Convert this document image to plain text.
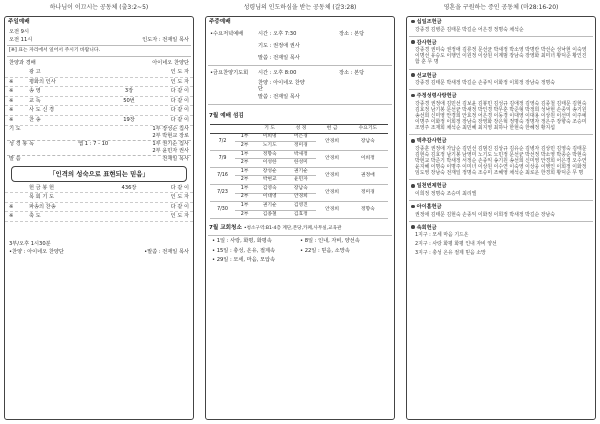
하나님이 이끄시는 공동체 (출3:2~5)
주일예배
오전 9시
오전 11시	인도자 : 전재일 목사
[※] 표는 자리에서 일어서 주시기 바랍니다.
찬양과 경배	아이네오 찬양단
광 고	인 도 자
※	평화의 인사	인 도 자
※	송 영	3장	다 같 이
※	교 독	50번	다 같 이
※	사 도 신 경	다 같 이
※	찬 송	19장	다 같 이
기 도	1부 장성순 집사
2부 박현교 장로
성 경 봉 독	엡 1 : 7 - 10	1부 권기순 집사
2부 윤민자 권사
말 씀	전재일 목사
「인격의 성숙으로 표현되는 믿음」
헌 금 봉 헌	436장	다 같 이
목 회 기 도	인 도 자
※	파송의 찬송	다 같 이
※	축 도	인 도 자
3부/오후 1시30분
•찬양 : 아이네오 찬양단	•말씀 : 전재일 목사
성령님의 인도하심을 받는 공동체 (갈3:28)
주중예배
•수요저녁예배	시간 : 오후 7:30	장소 : 본당
기도 : 권정애 권사
말씀 : 전재일 목사
•금요찬양기도회	시간 : 오후 8:00	장소 : 본당
찬양 : 아이네오 찬양단
말씀 : 전재일 목사
7월 예배 섬김
		기 도	성 경	헌 금	수요기도
7/2	1부	이희명	어은경	안경희	장남숙
	2부	노기도	정미경		
7/9	1부	정향숙	박새정	안경희	이희정
	2부	이성한	한성미		
7/16	1부	장성순	권기순	안경희	권정애
	2부	박현교	윤민자		
7/23	1부	김영숙	장남숙	안경희	정미경
	2부	이대영	안경희		
7/30	1부	권기순	김영진	안경희	정향숙
	2부	김종철	김효정		
7월 교회청소 •청소구역:B1-4층 계단,본당,카페,사무실,교육관
• 1일 : 사랑, 화평, 화평속	• 8일 : 인내, 자비, 양선속
• 15일 : 충성, 온유, 절제속	• 22일 : 믿음, 소망속
• 29일 : 모세, 마음, 모압속
영혼을 구원하는 증인 공동체 (마28:16-20)
십일조헌금
강종경 김병준 김태문 박길순 어은경 정명숙 채석순
감사헌금
강종경 권미숙 권정애 김류정 문선균 박새정 박소영 박명란 박선순 성낙현 이숙영 이명선 유승도 이행인 이원정 이상원 이계범 장남숙 장영화 최미녀 황덕준 황인진 함 훈 무 명
선교헌금
강종경 김태문 박새정 박길순 손종익 이화정 이희정 장남숙 정명숙
주정성령사랑헌금
강종경 권정애 김민선 김보윤 김봉민 김성규 김애정 김영숙 김종철 김태문 김현숙 김효정 남기봉 문선균 박새정 박인경 박무훈 박준형 박정희 성낙현 손종익 송기원 송선희 신미영 안경희 안효정 어은경 이동경 이대영 이대용 이상원 이선미 이주예 이명주 이화정 이희정 장남숙 장영화 장은혁 정명숙 정명자 정은주 장향숙 조승미 조영주 조재희 채석순 최민혜 최지영 최하나 한현숙 한혜정 황지섭
맥추감사헌금
강종훈 권정애 가납순 김민선 김범진 김상규 김유순 김병자 김상민 김영숙 김태문 김현숙 김효정 남기봉 남영미 노기도 노민정 문선균 박선정 박소영 박종순 박현숙 박현교 박준기 박새정 서정순 손종익 송기원 송선희 신미영 안경희 어은경 오수연 윤지혜 이명숙 이명주 이미녀 이상원 이수연 이숙영 이상웅 이행인 이희정 이화정 임도영 장남숙 전재일 정명숙 조승미 조혜영 채석순 최로운 한경희 황덕준 무 명
일천번제헌금
이희정 정명숙 조승미 최리엘
아이홈헌금
권정애 김태문 김현숙 손종익 이화정 이희정 박새정 박길순 장남숙
속회헌금
1지구 : 모세 마음 기드온
2지구 : 사랑 화평 화평 인내 자비 양선
3지구 : 충성 온유 절제 믿음 소망
